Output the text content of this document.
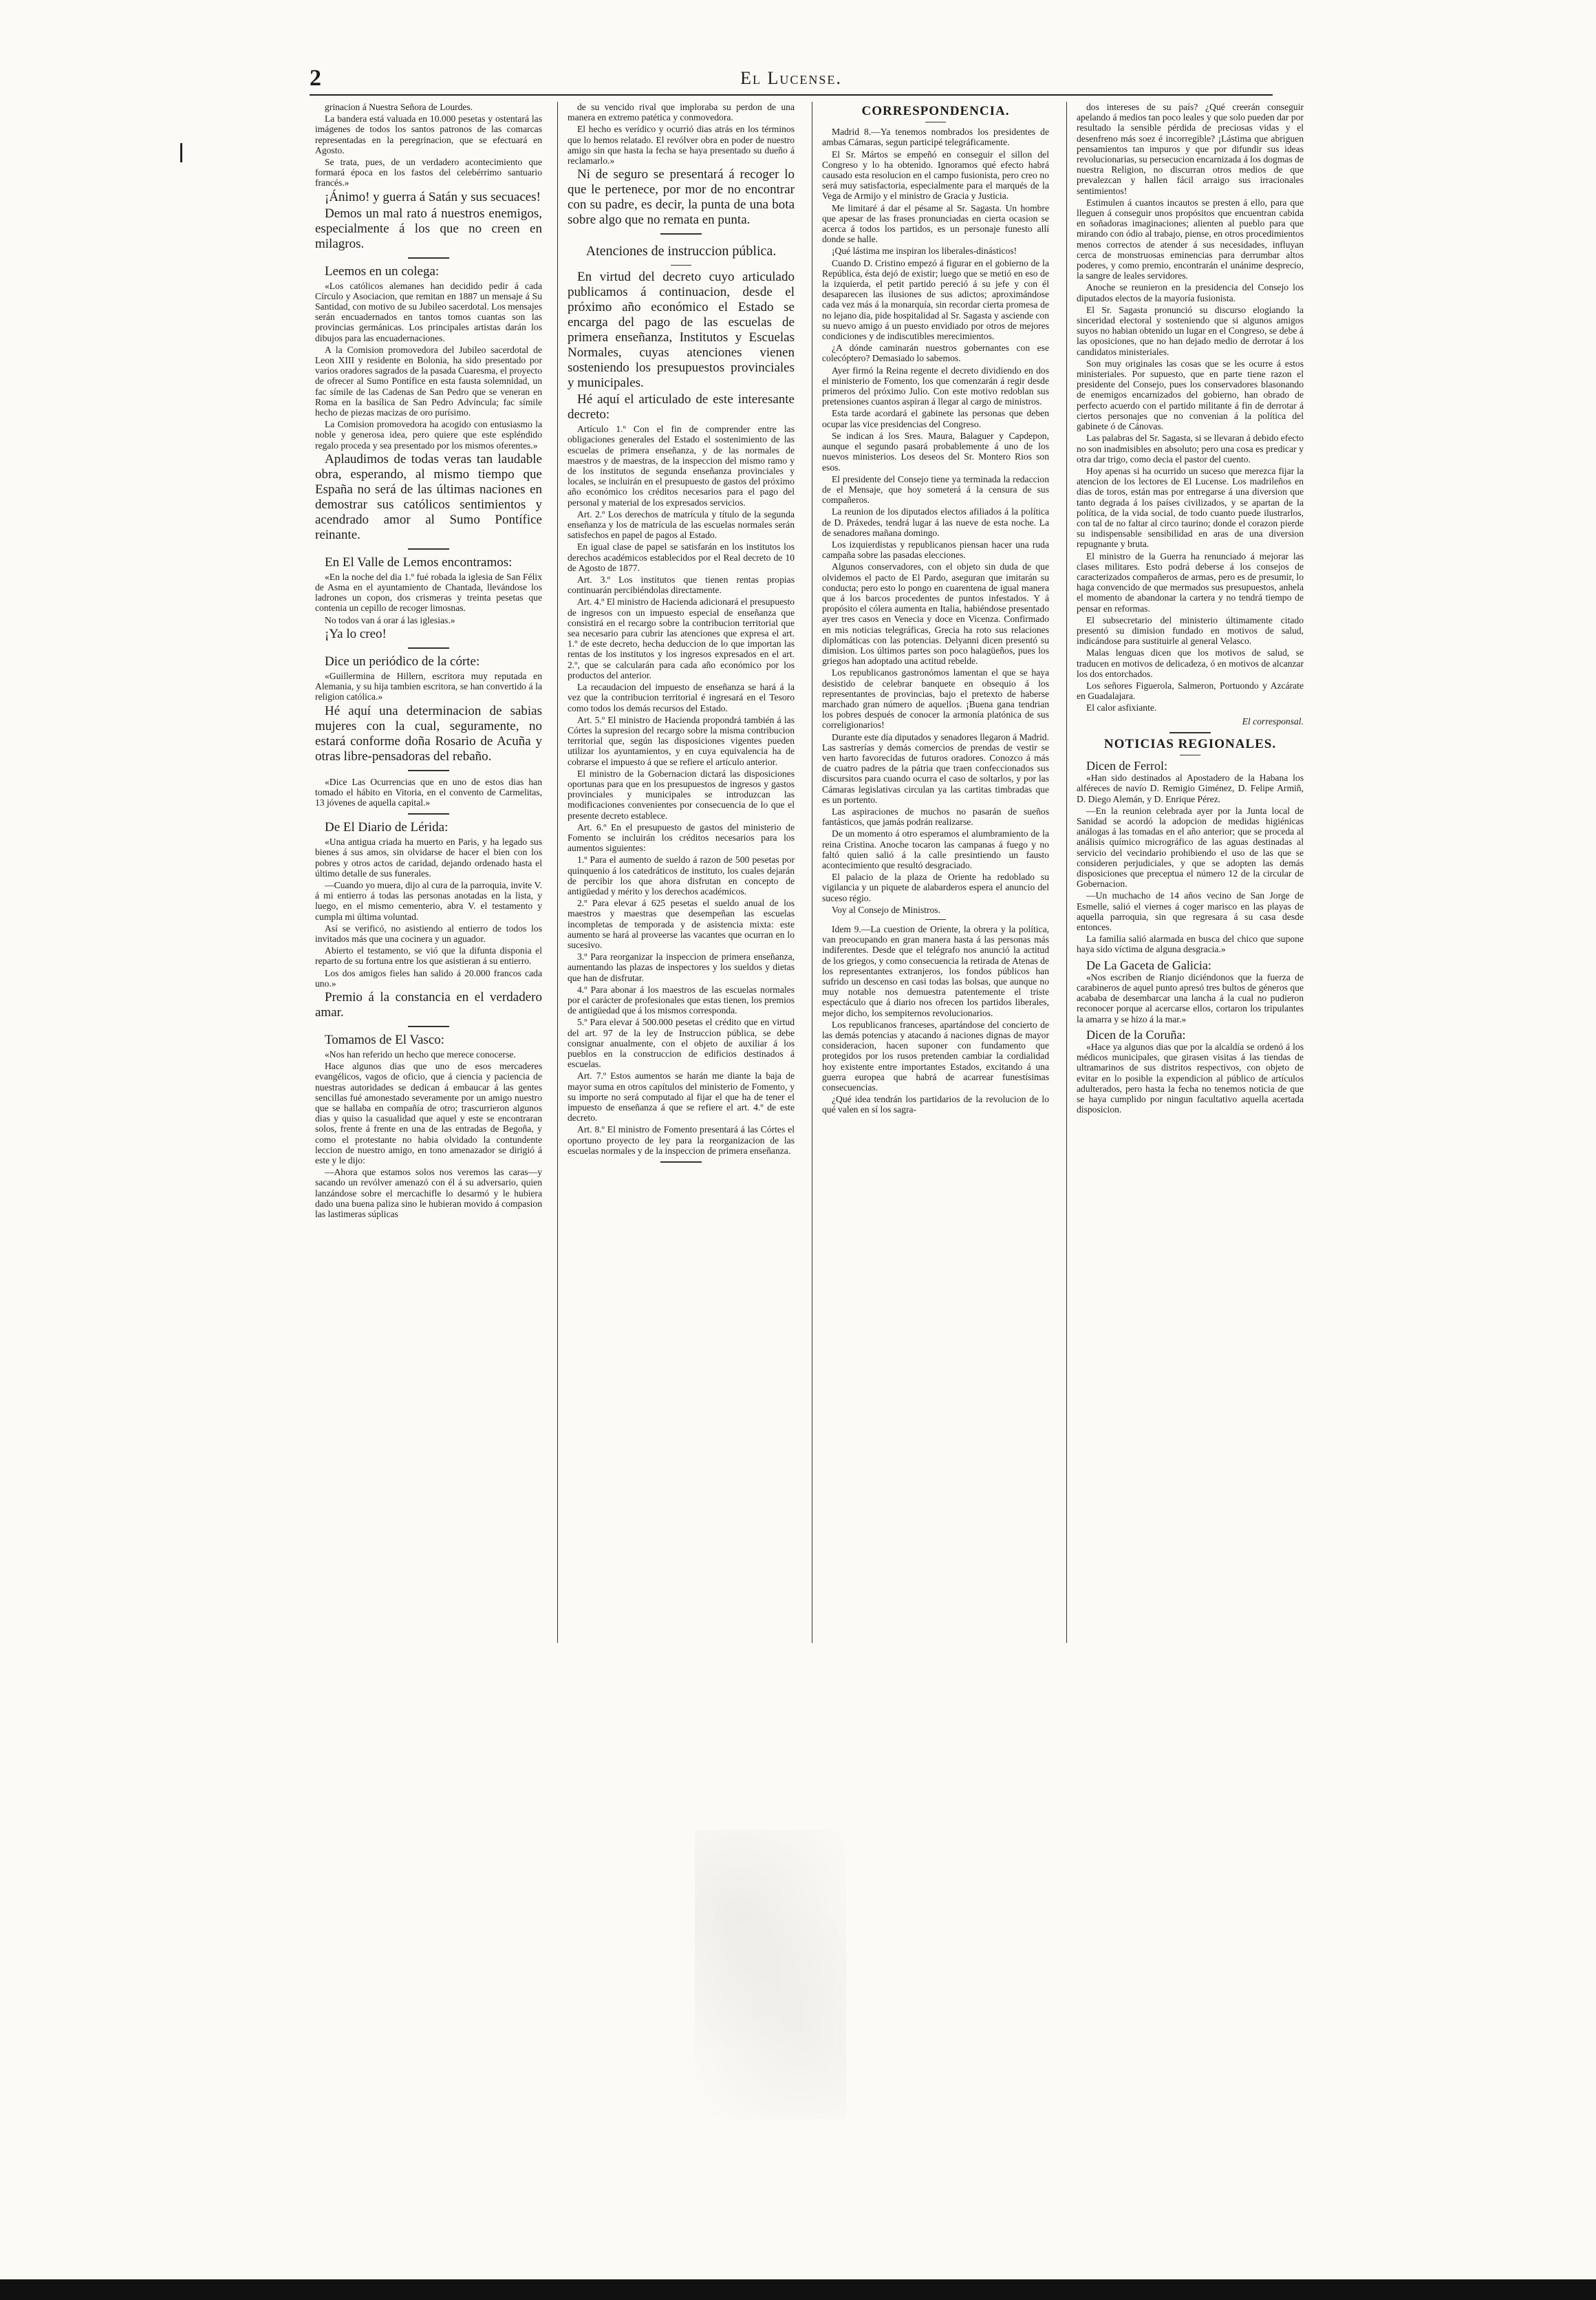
2	El Lucense.

grinacion á Nuestra Señora de Lourdes.

La bandera está valuada en 10.000 pesetas y ostentará las imágenes de todos los santos patronos de las comarcas representadas en la peregrinacion, que se efectuará en Agosto.

Se trata, pues, de un verdadero acontecimiento que formará época en los fastos del celebérrimo santuario francés.»

¡Ánimo! y guerra á Satán y sus secuaces!

Demos un mal rato á nuestros enemigos, especialmente á los que no creen en milagros.

Leemos en un colega:

«Los católicos alemanes han decidido pedir á cada Círculo y Asociacion, que remitan en 1887 un mensaje á Su Santidad, con motivo de su Jubileo sacerdotal. Los mensajes serán encuadernados en tantos tomos cuantas son las provincias germánicas. Los principales artistas darán los dibujos para las encuadernaciones.

A la Comision promovedora del Jubileo sacerdotal de Leon XIII y residente en Bolonia, ha sido presentado por varios oradores sagrados de la pasada Cuaresma, el proyecto de ofrecer al Sumo Pontífice en esta fausta solemnidad, un fac símile de las Cadenas de San Pedro que se veneran en Roma en la basílica de San Pedro Advíncula; fac símile hecho de piezas macizas de oro purísimo.

La Comision promovedora ha acogido con entusiasmo la noble y generosa idea, pero quiere que este espléndido regalo proceda y sea presentado por los mismos oferentes.»

Aplaudimos de todas veras tan laudable obra, esperando, al mismo tiempo que España no será de las últimas naciones en demostrar sus católicos sentimientos y acendrado amor al Sumo Pontífice reinante.

En El Valle de Lemos encontramos:

«En la noche del dia 1.º fué robada la iglesia de San Félix de Asma en el ayuntamiento de Chantada, llevándose los ladrones un copon, dos crismeras y treinta pesetas que contenia un cepillo de recoger limosnas.

No todos van á orar á las iglesias.»

¡Ya lo creo!

Dice un periódico de la córte:

«Guillermina de Hillern, escritora muy reputada en Alemania, y su hija tambien escritora, se han convertido á la religion católica.»

Hé aquí una determinacion de sabias mujeres con la cual, seguramente, no estará conforme doña Rosario de Acuña y otras libre-pensadoras del rebaño.

«Dice Las Ocurrencias que en uno de estos dias han tomado el hábito en Vitoria, en el convento de Carmelitas, 13 jóvenes de aquella capital.»

De El Diario de Lérida:

«Una antigua criada ha muerto en Paris, y ha legado sus bienes á sus amos, sin olvidarse de hacer el bien con los pobres y otros actos de caridad, dejando ordenado hasta el último detalle de sus funerales.

—Cuando yo muera, dijo al cura de la parroquia, invite V. á mi entierro á todas las personas anotadas en la lista, y luego, en el mismo cementerio, abra V. el testamento y cumpla mi última voluntad.

Así se verificó, no asistiendo al entierro de todos los invitados más que una cocinera y un aguador.

Abierto el testamento, se vió que la difunta disponia el reparto de su fortuna entre los que asistieran á su entierro.

Los dos amigos fieles han salido á 20.000 francos cada uno.»

Premio á la constancia en el verdadero amar.

Tomamos de El Vasco:

«Nos han referido un hecho que merece conocerse.

Hace algunos dias que uno de esos mercaderes evangélicos, vagos de oficio, que á ciencia y paciencia de nuestras autoridades se dedican á embaucar á las gentes sencillas fué amonestado severamente por un amigo nuestro que se hallaba en compañía de otro; trascurrieron algunos dias y quiso la casualidad que aquel y este se encontraran solos, frente á frente en una de las entradas de Begoña, y como el protestante no habia olvidado la contundente leccion de nuestro amigo, en tono amenazador se dirigió á este y le dijo:

—Ahora que estamos solos nos veremos las caras—y sacando un revólver amenazó con él á su adversario, quien lanzándose sobre el mercachifle lo desarmó y le hubiera dado una buena paliza sino le hubieran movido á compasion las lastimeras súplicas

de su vencido rival que imploraba su perdon de una manera en extremo patética y conmovedora.

El hecho es verídico y ocurrió dias atrás en los términos que lo hemos relatado. El revólver obra en poder de nuestro amigo sin que hasta la fecha se haya presentado su dueño á reclamarlo.»

Ni de seguro se presentará á recoger lo que le pertenece, por mor de no encontrar con su padre, es decir, la punta de una bota sobre algo que no remata en punta.

Atenciones de instruccion pública.

En virtud del decreto cuyo articulado publicamos á continuacion, desde el próximo año económico el Estado se encarga del pago de las escuelas de primera enseñanza, Institutos y Escuelas Normales, cuyas atenciones vienen sosteniendo los presupuestos provinciales y municipales.

Hé aquí el articulado de este interesante decreto:

Artículo 1.º Con el fin de comprender entre las obligaciones generales del Estado el sostenimiento de las escuelas de primera enseñanza, y de las normales de maestros y de maestras, de la inspeccion del mismo ramo y de los institutos de segunda enseñanza provinciales y locales, se incluirán en el presupuesto de gastos del próximo año económico los créditos necesarios para el pago del personal y material de los expresados servicios.

Art. 2.º Los derechos de matrícula y título de la segunda enseñanza y los de matrícula de las escuelas normales serán satisfechos en papel de pagos al Estado.

En igual clase de papel se satisfarán en los institutos los derechos académicos establecidos por el Real decreto de 10 de Agosto de 1877.

Art. 3.º Los institutos que tienen rentas propias continuarán percibiéndolas directamente.

Art. 4.º El ministro de Hacienda adicionará el presupuesto de ingresos con un impuesto especial de enseñanza que consistirá en el recargo sobre la contribucion territorial que sea necesario para cubrir las atenciones que expresa el art. 1.º de este decreto, hecha deduccion de lo que importan las rentas de los institutos y los ingresos expresados en el art. 2.º, que se calcularán para cada año económico por los productos del anterior.

La recaudacion del impuesto de enseñanza se hará á la vez que la contribucion territorial é ingresará en el Tesoro como todos los demás recursos del Estado.

Art. 5.º El ministro de Hacienda propondrá también á las Córtes la supresion del recargo sobre la misma contribucion territorial que, según las disposiciones vigentes pueden utilizar los ayuntamientos, y en cuya equivalencia ha de cobrarse el impuesto á que se refiere el artículo anterior.

El ministro de la Gobernacion dictará las disposiciones oportunas para que en los presupuestos de ingresos y gastos provinciales y municipales se introduzcan las modificaciones convenientes por consecuencia de lo que el presente decreto establece.

Art. 6.º En el presupuesto de gastos del ministerio de Fomento se incluirán los créditos necesarios para los aumentos siguientes:

1.º Para el aumento de sueldo á razon de 500 pesetas por quinquenio á los catedráticos de instituto, los cuales dejarán de percibir los que ahora disfrutan en concepto de antigüedad y mérito y los derechos académicos.

2.º Para elevar á 625 pesetas el sueldo anual de los maestros y maestras que desempeñan las escuelas incompletas de temporada y de asistencia mixta: este aumento se hará al proveerse las vacantes que ocurran en lo sucesivo.

3.º Para reorganizar la inspeccion de primera enseñanza, aumentando las plazas de inspectores y los sueldos y dietas que han de disfrutar.

4.º Para abonar á los maestros de las escuelas normales por el carácter de profesionales que estas tienen, los premios de antigüedad que á los mismos corresponda.

5.º Para elevar á 500.000 pesetas el crédito que en virtud del art. 97 de la ley de Instruccion pública, se debe consignar anualmente, con el objeto de auxiliar á los pueblos en la construccion de edificios destinados á escuelas.

Art. 7.º Estos aumentos se harán me diante la baja de mayor suma en otros capítulos del ministerio de Fomento, y su importe no será computado al fijar el que ha de tener el impuesto de enseñanza á que se refiere el art. 4.º de este decreto.

Art. 8.º El ministro de Fomento presentará á las Córtes el oportuno proyecto de ley para la reorganizacion de las escuelas normales y de la inspeccion de primera enseñanza.

CORRESPONDENCIA.

Madrid 8.—Ya tenemos nombrados los presidentes de ambas Cámaras, segun participé telegráficamente.

El Sr. Mártos se empeñó en conseguir el sillon del Congreso y lo ha obtenido. Ignoramos qué efecto habrá causado esta resolucion en el campo fusionista, pero creo no será muy satisfactoria, especialmente para el marqués de la Vega de Armijo y el ministro de Gracia y Justicia.

Me limitaré á dar el pésame al Sr. Sagasta. Un hombre que apesar de las frases pronunciadas en cierta ocasion se acerca á todos los partidos, es un personaje funesto allí donde se halle.

¡Qué lástima me inspiran los liberales-dinásticos!

Cuando D. Cristino empezó á figurar en el gobierno de la República, ésta dejó de existir; luego que se metió en eso de la izquierda, el petit partido pereció á su jefe y con él desaparecen las ilusiones de sus adictos; aproximándose cada vez más á la monarquía, sin recordar cierta promesa de no lejano dia, pide hospitalidad al Sr. Sagasta y asciende con su nuevo amigo á un puesto envidiado por otros de mejores condiciones y de indiscutibles merecimientos.

¿A dónde caminarán nuestros gobernantes con ese colecóptero? Demasiado lo sabemos.

Ayer firmó la Reina regente el decreto dividiendo en dos el ministerio de Fomento, los que comenzarán á regir desde primeros del próximo Julio. Con este motivo redoblan sus pretensiones cuantos aspiran á llegar al cargo de ministros.

Esta tarde acordará el gabinete las personas que deben ocupar las vice presidencias del Congreso.

Se indican á los Sres. Maura, Balaguer y Capdepon, aunque el segundo pasará probablemente á uno de los nuevos ministerios. Los deseos del Sr. Montero Rios son esos.

El presidente del Consejo tiene ya terminada la redaccion de el Mensaje, que hoy someterá á la censura de sus compañeros.

La reunion de los diputados electos afiliados á la política de D. Práxedes, tendrá lugar á las nueve de esta noche. La de senadores mañana domingo.

Los izquierdistas y republicanos piensan hacer una ruda campaña sobre las pasadas elecciones.

Algunos conservadores, con el objeto sin duda de que olvidemos el pacto de El Pardo, aseguran que imitarán su conducta; pero esto lo pongo en cuarentena de igual manera que á los barcos procedentes de puntos infestados. Y á propósito el cólera aumenta en Italia, habiéndose presentado ayer tres casos en Venecia y doce en Vicenza. Confirmado en mis noticias telegráficas, Grecia ha roto sus relaciones diplomáticas con las potencias. Delyanni dicen presentó su dimision. Los últimos partes son poco halagüeños, pues los griegos han adoptado una actitud rebelde.

Los republicanos gastronómos lamentan el que se haya desistido de celebrar banquete en obsequio á los representantes de provincias, bajo el pretexto de haberse marchado gran número de aquellos. ¡Buena gana tendrian los pobres después de conocer la armonía platónica de sus correligionarios!

Durante este día diputados y senadores llegaron á Madrid. Las sastrerías y demás comercios de prendas de vestir se ven harto favorecidas de futuros oradores. Conozco á más de cuatro padres de la pátria que traen confeccionados sus discursitos para cuando ocurra el caso de soltarlos, y por las Cámaras legislativas circulan ya las cartitas timbradas que es un portento.

Las aspiraciones de muchos no pasarán de sueños fantásticos, que jamás podrán realizarse.

De un momento á otro esperamos el alumbramiento de la reina Cristina. Anoche tocaron las campanas á fuego y no faltó quien salió á la calle presintiendo un fausto acontecimiento que resultó desgraciado.

El palacio de la plaza de Oriente ha redoblado su vigilancia y un piquete de alabarderos espera el anuncio del suceso régio.

Voy al Consejo de Ministros.

Idem 9.—La cuestion de Oriente, la obrera y la política, van preocupando en gran manera hasta á las personas más indiferentes. Desde que el telégrafo nos anunció la actitud de los griegos, y como consecuencia la retirada de Atenas de los representantes extranjeros, los fondos públicos han sufrido un descenso en casi todas las bolsas, que aunque no muy notable nos demuestra patentemente el triste espectáculo que á diario nos ofrecen los partidos liberales, mejor dicho, los sempiternos revolucionarios.

Los republicanos franceses, apartándose del concierto de las demás potencias y atacando á naciones dignas de mayor consideracion, hacen suponer con fundamento que protegidos por los rusos pretenden cambiar la cordialidad hoy existente entre importantes Estados, excitando á una guerra europea que habrá de acarrear funestísimas consecuencias.

¿Qué idea tendrán los partidarios de la revolucion de lo qué valen en sí los sagra-

dos intereses de su país? ¿Qué creerán conseguir apelando á medios tan poco leales y que solo pueden dar por resultado la sensible pérdida de preciosas vidas y el desenfreno más soez é incorregible? ¡Lástima que abriguen pensamientos tan impuros y que por difundir sus ideas revolucionarias, su persecucion encarnizada á los dogmas de nuestra Religion, no discurran otros medios de que prevalezcan y hallen fácil arraigo sus irracionales sentimientos!

Estimulen á cuantos incautos se presten á ello, para que lleguen á conseguir unos propósitos que encuentran cabida en soñadoras imaginaciones; alienten al pueblo para que mirando con ódio al trabajo, piense, en otros procedimientos menos correctos de atender á sus necesidades, influyan cerca de monstruosas eminencias para derrumbar altos poderes, y como premio, encontrarán el unánime desprecio, la sangre de leales servidores.

Anoche se reunieron en la presidencia del Consejo los diputados electos de la mayoría fusionista.

El Sr. Sagasta pronunció su discurso elogiando la sinceridad electoral y sosteniendo que si algunos amigos suyos no habian obtenido un lugar en el Congreso, se debe á las oposiciones, que no han dejado medio de derrotar á los candidatos ministeriales.

Son muy originales las cosas que se les ocurre á estos ministeriales. Por supuesto, que en parte tiene razon el presidente del Consejo, pues los conservadores blasonando de enemigos encarnizados del gobierno, han obrado de perfecto acuerdo con el partido militante á fin de derrotar á ciertos personajes que no convenian á la política del gabinete ó de Cánovas.

Las palabras del Sr. Sagasta, si se llevaran á debido efecto no son inadmisibles en absoluto; pero una cosa es predicar y otra dar trigo, como decia el pastor del cuento.

Hoy apenas si ha ocurrido un suceso que merezca fijar la atencion de los lectores de El Lucense. Los madrileños en dias de toros, están mas por entregarse á una diversion que tanto degrada á los países civilizados, y se apartan de la política, de la vida social, de todo cuanto puede ilustrarlos, con tal de no faltar al circo taurino; donde el corazon pierde su indispensable sensibilidad en aras de una diversion repugnante y bruta.

El ministro de la Guerra ha renunciado á mejorar las clases militares. Esto podrá deberse á los consejos de caracterizados compañeros de armas, pero es de presumir, lo haga convencido de que mermados sus presupuestos, anhela el momento de abandonar la cartera y no tendrá tiempo de pensar en reformas.

El subsecretario del ministerio últimamente citado presentó su dimision fundado en motivos de salud, indicándose para sustituirle al general Velasco.

Malas lenguas dicen que los motivos de salud, se traducen en motivos de delicadeza, ó en motivos de alcanzar los dos entorchados.

Los señores Figuerola, Salmeron, Portuondo y Azcárate en Guadalajara.

El calor asfixiante.

El corresponsal.
NOTICIAS REGIONALES.
Dicen de Ferrol:

«Han sido destinados al Apostadero de la Habana los alféreces de navío D. Remigio Giménez, D. Felipe Armiñ, D. Diego Alemán, y D. Enrique Pérez.

—En la reunion celebrada ayer por la Junta local de Sanidad se acordó la adopcion de medidas higiénicas análogas á las tomadas en el año anterior; que se proceda al análisis químico micrográfico de las aguas destinadas al servicio del vecindario prohibiendo el uso de las que se consideren perjudiciales, y que se adopten las demás disposiciones que preceptua el número 12 de la circular de Gobernacion.

—Un muchacho de 14 años vecino de San Jorge de Esmelle, salió el viernes á coger marisco en las playas de aquella parroquia, sin que regresara á su casa desde entonces.

La familia salió alarmada en busca del chico que supone haya sido víctima de alguna desgracia.»

De La Gaceta de Galicia:

«Nos escriben de Rianjo diciéndonos que la fuerza de carabineros de aquel punto apresó tres bultos de géneros que acababa de desembarcar una lancha á la cual no pudieron reconocer porque al acercarse ellos, cortaron los tripulantes la amarra y se hizo á la mar.»

Dicen de la Coruña:

«Hace ya algunos dias que por la alcaldía se ordenó á los médicos municipales, que girasen visitas á las tiendas de ultramarinos de sus distritos respectivos, con objeto de evitar en lo posible la expendicion al público de artículos adulterados, pero hasta la fecha no tenemos noticia de que se haya cumplido por ningun facultativo aquella acertada disposicion.
